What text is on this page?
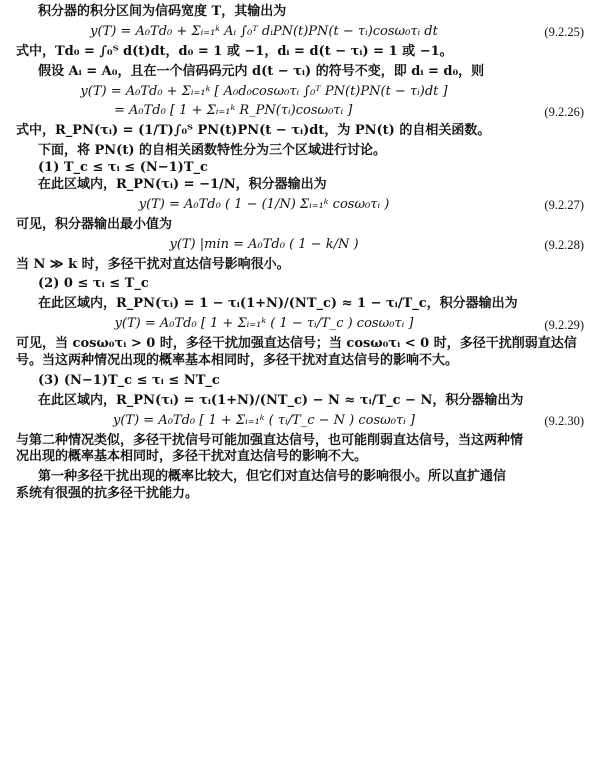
积分器的积分区间为信码宽度 T，其输出为

y(T) = A₀Td₀ + Σᵢ₌₁ᵏ Aᵢ ∫₀ᵀ dᵢPN(t)PN(t − τᵢ)cosω₀τᵢ dt	(9.2.25)

式中，Td₀ = ∫₀ᵀ d(t)dt，d₀ = 1 或 −1，dᵢ = d(t − τᵢ) = 1 或 −1。

假设 Aᵢ = A₀，且在一个信码码元内 d(t − τᵢ) 的符号不变，即 dᵢ = d₀，则

y(T) = A₀Td₀ + Σᵢ₌₁ᵏ [ A₀d₀cosω₀τᵢ ∫₀ᵀ PN(t)PN(t − τᵢ)dt ]
= A₀Td₀ [ 1 + Σᵢ₌₁ᵏ R_PN(τᵢ)cosω₀τᵢ ]	(9.2.26)

式中，R_PN(τᵢ) = (1/T)∫₀ᵀ PN(t)PN(t − τᵢ)dt，为 PN(t) 的自相关函数。

下面，将 PN(t) 的自相关函数特性分为三个区域进行讨论。

(1) T_c ≤ τᵢ ≤ (N−1)T_c

在此区域内，R_PN(τᵢ) = −1/N，积分器输出为

y(T) = A₀Td₀ ( 1 − (1/N) Σᵢ₌₁ᵏ cosω₀τᵢ )	(9.2.27)

可见，积分器输出最小值为

y(T) |min = A₀Td₀ ( 1 − k/N )	(9.2.28)

当 N ≫ k 时，多径干扰对直达信号影响很小。

(2) 0 ≤ τᵢ ≤ T_c

在此区域内，R_PN(τᵢ) = 1 − τᵢ(1+N)/(NT_c) ≈ 1 − τᵢ/T_c，积分器输出为

y(T) = A₀Td₀ [ 1 + Σᵢ₌₁ᵏ ( 1 − τᵢ/T_c ) cosω₀τᵢ ]	(9.2.29)

可见，当 cosω₀τᵢ > 0 时，多径干扰加强直达信号；当 cosω₀τᵢ < 0 时，多径干扰削弱直达信

号。当这两种情况出现的概率基本相同时，多径干扰对直达信号的影响不大。

(3) (N−1)T_c ≤ τᵢ ≤ NT_c

在此区域内，R_PN(τᵢ) = τᵢ(1+N)/(NT_c) − N ≈ τᵢ/T_c − N，积分器输出为

y(T) = A₀Td₀ [ 1 + Σᵢ₌₁ᵏ ( τᵢ/T_c − N ) cosω₀τᵢ ]	(9.2.30)

与第二种情况类似，多径干扰信号可能加强直达信号，也可能削弱直达信号，当这两种情

况出现的概率基本相同时，多径干扰对直达信号的影响不大。

第一种多径干扰出现的概率比较大，但它们对直达信号的影响很小。所以直扩通信

系统有很强的抗多径干扰能力。
